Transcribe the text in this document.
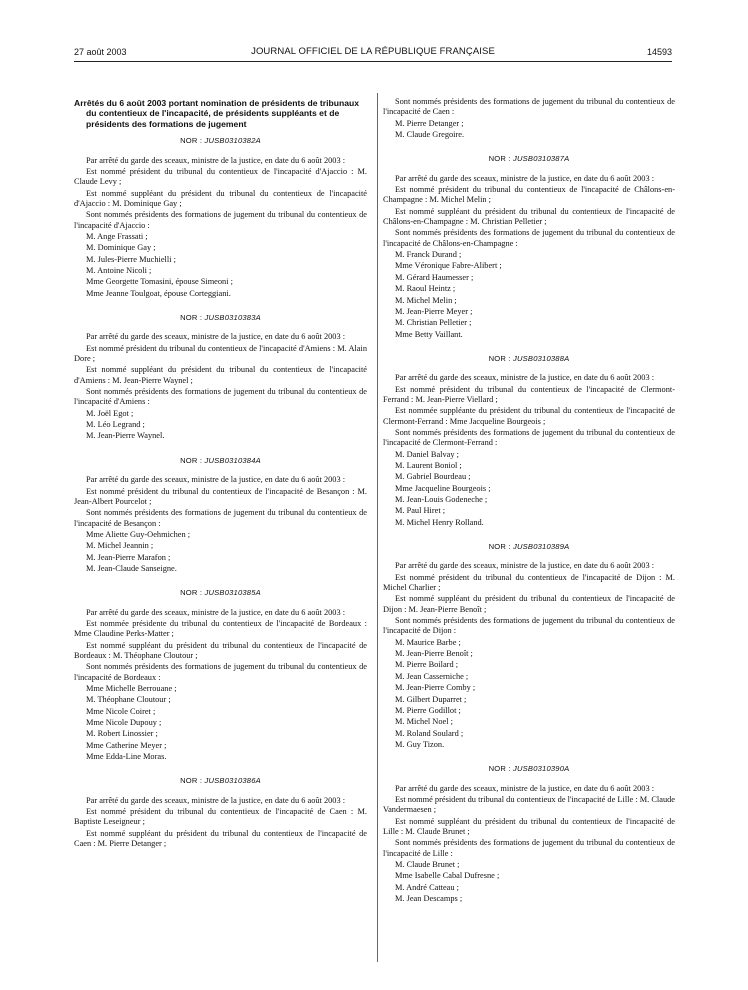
27 août 2003	JOURNAL OFFICIEL DE LA RÉPUBLIQUE FRANÇAISE	14593
Arrêtés du 6 août 2003 portant nomination de présidents de tribunaux du contentieux de l'incapacité, de présidents suppléants et de présidents des formations de jugement
NOR : JUSB0310382A
Par arrêté du garde des sceaux, ministre de la justice, en date du 6 août 2003 :
Est nommé président du tribunal du contentieux de l'incapacité d'Ajaccio : M. Claude Levy ;
Est nommé suppléant du président du tribunal du contentieux de l'incapacité d'Ajaccio : M. Dominique Gay ;
Sont nommés présidents des formations de jugement du tribunal du contentieux de l'incapacité d'Ajaccio :
M. Ange Frassati ;
M. Dominique Gay ;
M. Jules-Pierre Muchielli ;
M. Antoine Nicoli ;
Mme Georgette Tomasini, épouse Simeoni ;
Mme Jeanne Toulgoat, épouse Corteggiani.
NOR : JUSB0310383A
Par arrêté du garde des sceaux, ministre de la justice, en date du 6 août 2003 :
Est nommé président du tribunal du contentieux de l'incapacité d'Amiens : M. Alain Dore ;
Est nommé suppléant du président du tribunal du contentieux de l'incapacité d'Amiens : M. Jean-Pierre Waynel ;
Sont nommés présidents des formations de jugement du tribunal du contentieux de l'incapacité d'Amiens :
M. Joël Egot ;
M. Léo Legrand ;
M. Jean-Pierre Waynel.
NOR : JUSB0310384A
Par arrêté du garde des sceaux, ministre de la justice, en date du 6 août 2003 :
Est nommé président du tribunal du contentieux de l'incapacité de Besançon : M. Jean-Albert Pourcelot ;
Sont nommés présidents des formations de jugement du tribunal du contentieux de l'incapacité de Besançon :
Mme Aliette Guy-Oehmichen ;
M. Michel Jeannin ;
M. Jean-Pierre Marafon ;
M. Jean-Claude Sanseigne.
NOR : JUSB0310385A
Par arrêté du garde des sceaux, ministre de la justice, en date du 6 août 2003 :
Est nommée présidente du tribunal du contentieux de l'incapacité de Bordeaux : Mme Claudine Perks-Matter ;
Est nommé suppléant du président du tribunal du contentieux de l'incapacité de Bordeaux : M. Théophane Cloutour ;
Sont nommés présidents des formations de jugement du tribunal du contentieux de l'incapacité de Bordeaux :
Mme Michelle Berrouane ;
M. Théophane Cloutour ;
Mme Nicole Coiret ;
Mme Nicole Dupouy ;
M. Robert Linossier ;
Mme Catherine Meyer ;
Mme Edda-Line Moras.
NOR : JUSB0310386A
Par arrêté du garde des sceaux, ministre de la justice, en date du 6 août 2003 :
Est nommé président du tribunal du contentieux de l'incapacité de Caen : M. Baptiste Leseigneur ;
Est nommé suppléant du président du tribunal du contentieux de l'incapacité de Caen : M. Pierre Detanger ;
Sont nommés présidents des formations de jugement du tribunal du contentieux de l'incapacité de Caen :
M. Pierre Detanger ;
M. Claude Gregoire.
NOR : JUSB0310387A
Par arrêté du garde des sceaux, ministre de la justice, en date du 6 août 2003 :
Est nommé président du tribunal du contentieux de l'incapacité de Châlons-en-Champagne : M. Michel Melin ;
Est nommé suppléant du président du tribunal du contentieux de l'incapacité de Châlons-en-Champagne : M. Christian Pelletier ;
Sont nommés présidents des formations de jugement du tribunal du contentieux de l'incapacité de Châlons-en-Champagne :
M. Franck Durand ;
Mme Véronique Fabre-Alibert ;
M. Gérard Haumesser ;
M. Raoul Heintz ;
M. Michel Melin ;
M. Jean-Pierre Meyer ;
M. Christian Pelletier ;
Mme Betty Vaillant.
NOR : JUSB0310388A
Par arrêté du garde des sceaux, ministre de la justice, en date du 6 août 2003 :
Est nommé président du tribunal du contentieux de l'incapacité de Clermont-Ferrand : M. Jean-Pierre Viellard ;
Est nommée suppléante du président du tribunal du contentieux de l'incapacité de Clermont-Ferrand : Mme Jacqueline Bourgeois ;
Sont nommés présidents des formations de jugement du tribunal du contentieux de l'incapacité de Clermont-Ferrand :
M. Daniel Balvay ;
M. Laurent Boniol ;
M. Gabriel Bourdeau ;
Mme Jacqueline Bourgeois ;
M. Jean-Louis Godeneche ;
M. Paul Hiret ;
M. Michel Henry Rolland.
NOR : JUSB0310389A
Par arrêté du garde des sceaux, ministre de la justice, en date du 6 août 2003 :
Est nommé président du tribunal du contentieux de l'incapacité de Dijon : M. Michel Charlier ;
Est nommé suppléant du président du tribunal du contentieux de l'incapacité de Dijon : M. Jean-Pierre Benoît ;
Sont nommés présidents des formations de jugement du tribunal du contentieux de l'incapacité de Dijon :
M. Maurice Barbe ;
M. Jean-Pierre Benoît ;
M. Pierre Boilard ;
M. Jean Casserniche ;
M. Jean-Pierre Comby ;
M. Gilbert Duparret ;
M. Pierre Godillot ;
M. Michel Noel ;
M. Roland Soulard ;
M. Guy Tizon.
NOR : JUSB0310390A
Par arrêté du garde des sceaux, ministre de la justice, en date du 6 août 2003 :
Est nommé président du tribunal du contentieux de l'incapacité de Lille : M. Claude Vandermaesen ;
Est nommé suppléant du président du tribunal du contentieux de l'incapacité de Lille : M. Claude Brunet ;
Sont nommés présidents des formations de jugement du tribunal du contentieux de l'incapacité de Lille :
M. Claude Brunet ;
Mme Isabelle Cabal Dufresne ;
M. André Catteau ;
M. Jean Descamps ;
